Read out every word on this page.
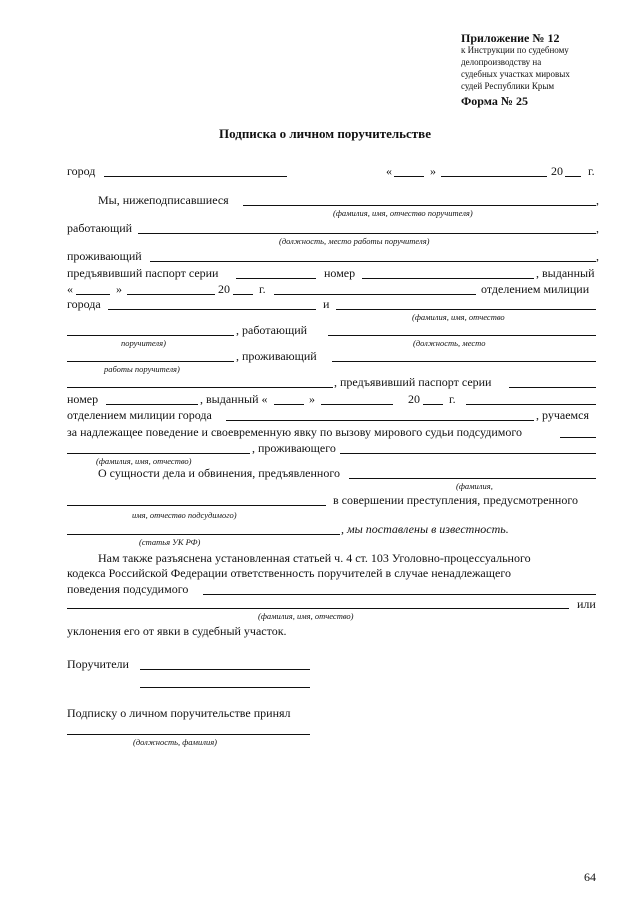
Приложение № 12
к Инструкции по судебному
делопроизводству на
судебных участках мировых
судей Республики Крым
Форма № 25
Подписка о личном поручительстве
город	«	»	20 г.
Мы, нижеподписавшиеся	,
(фамилия, имя, отчество поручителя)
работающий	,
(должность, место работы поручителя)
проживающий	,
предъявивший паспорт серии	номер	, выданный
«	»	20 г.	отделением милиции
города	и
(фамилия, имя, отчество
, работающий
поручителя)	(должность, место
, проживающий
работы поручителя)
, предъявивший паспорт серии
номер	, выданный «	»	20 г.
отделением милиции города	, ручаемся
за надлежащее поведение и своевременную явку по вызову мирового судьи подсудимого
, проживающего
(фамилия, имя, отчество)
О сущности дела и обвинения, предъявленного
(фамилия,
в совершении преступления, предусмотренного
имя, отчество подсудимого)
, мы поставлены в известность.
(статья УК РФ)
Нам также разъяснена установленная статьей ч. 4 ст. 103 Уголовно-процессуального
кодекса Российской Федерации ответственность поручителей в случае ненадлежащего
поведения подсудимого
или
(фамилия, имя, отчество)
уклонения его от явки в судебный участок.
Поручители
Подписку о личном поручительстве принял
(должность, фамилия)
64
